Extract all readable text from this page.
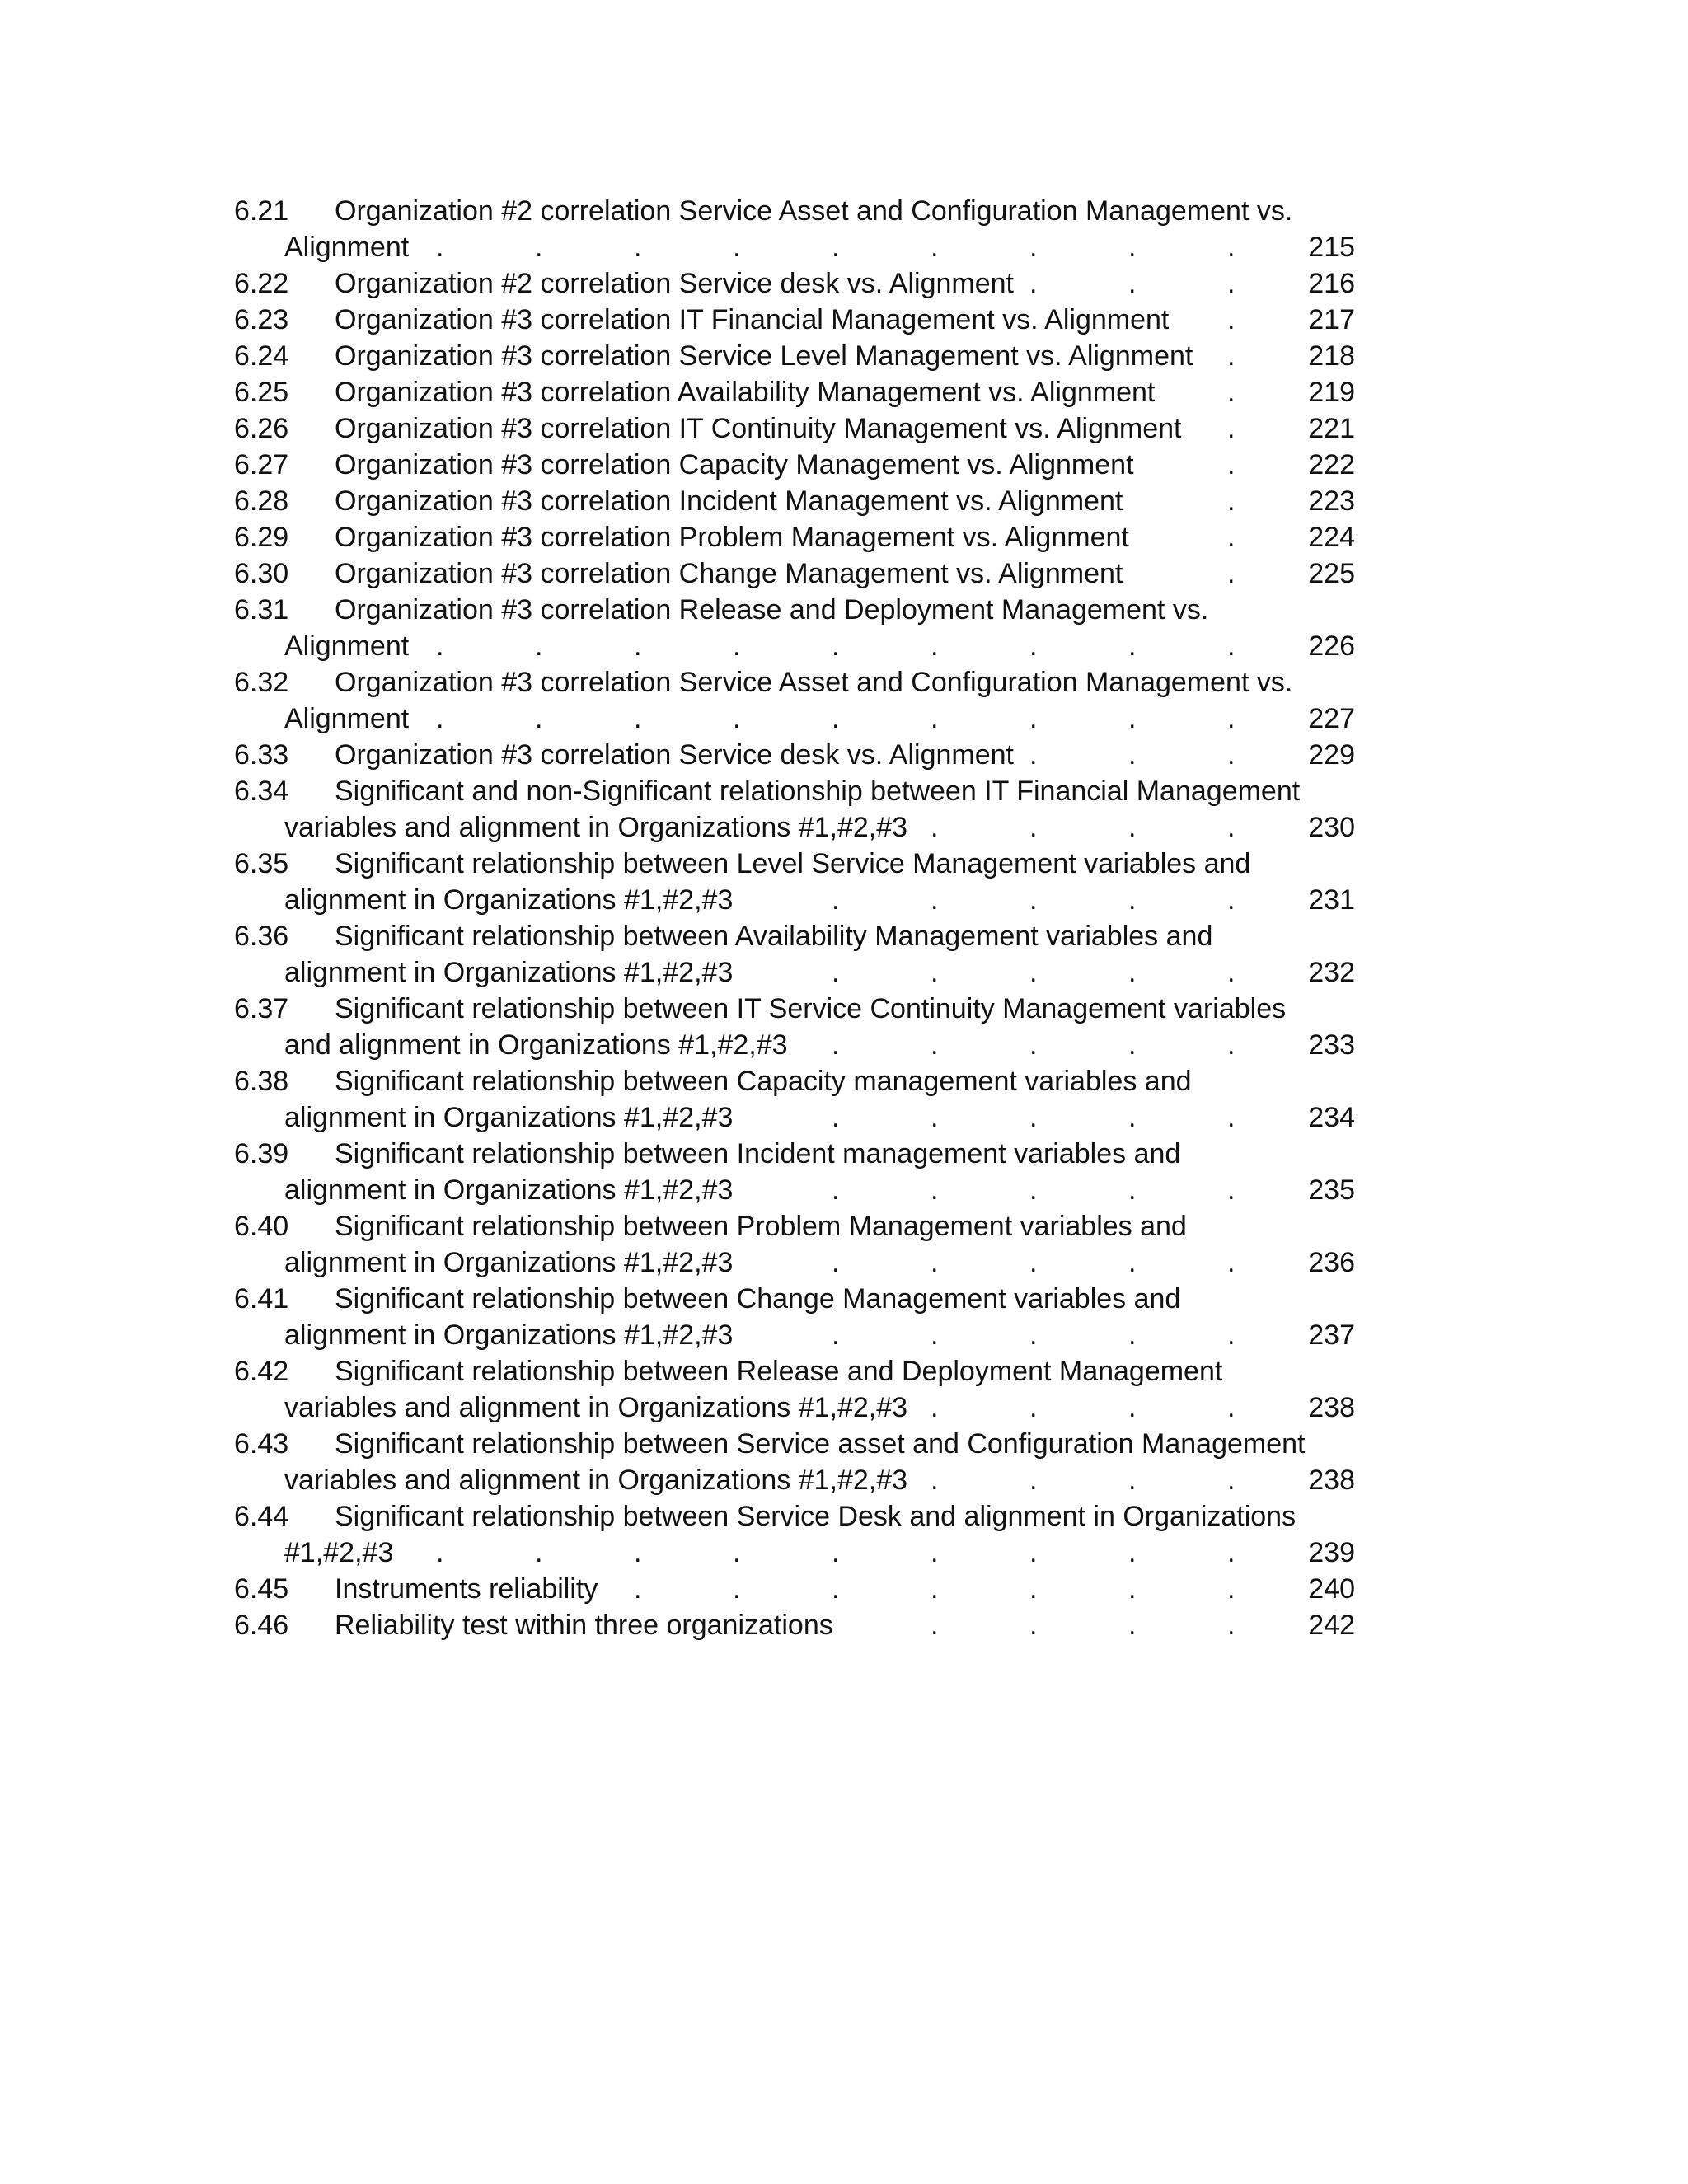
6.21 Organization #2 correlation Service Asset and Configuration Management vs.
Alignment	215
.	.	.	.	.	.	.	.	.
6.22 Organization #2 correlation Service desk vs. Alignment	216
.	.	.
6.23 Organization #3 correlation IT Financial Management vs. Alignment	217
.
6.24 Organization #3 correlation Service Level Management vs. Alignment	218
.
6.25 Organization #3 correlation Availability Management vs. Alignment	219
.
6.26 Organization #3 correlation IT Continuity Management vs. Alignment	221
.
6.27 Organization #3 correlation Capacity Management vs. Alignment	222
.
6.28 Organization #3 correlation Incident Management vs. Alignment	223
.
6.29 Organization #3 correlation Problem Management vs. Alignment	224
.
6.30 Organization #3 correlation Change Management vs. Alignment	225
.
6.31 Organization #3 correlation Release and Deployment Management vs.
Alignment	226
.	.	.	.	.	.	.	.	.
6.32 Organization #3 correlation Service Asset and Configuration Management vs.
Alignment	227
.	.	.	.	.	.	.	.	.
6.33 Organization #3 correlation Service desk vs. Alignment	229
.	.	.
6.34 Significant and non-Significant relationship between IT Financial Management
variables and alignment in Organizations #1,#2,#3	230
.	.	.	.
6.35 Significant relationship between Level Service Management variables and
alignment in Organizations #1,#2,#3	231
.	.	.	.	.
6.36 Significant relationship between Availability Management variables and
alignment in Organizations #1,#2,#3	232
.	.	.	.	.
6.37 Significant relationship between IT Service Continuity Management variables
and alignment in Organizations #1,#2,#3	233
.	.	.	.	.
6.38 Significant relationship between Capacity management variables and
alignment in Organizations #1,#2,#3	234
.	.	.	.	.
6.39 Significant relationship between Incident management variables and
alignment in Organizations #1,#2,#3	235
.	.	.	.	.
6.40 Significant relationship between Problem Management variables and
alignment in Organizations #1,#2,#3	236
.	.	.	.	.
6.41 Significant relationship between Change Management variables and
alignment in Organizations #1,#2,#3	237
.	.	.	.	.
6.42 Significant relationship between Release and Deployment Management
variables and alignment in Organizations #1,#2,#3	238
.	.	.	.
6.43 Significant relationship between Service asset and Configuration Management
variables and alignment in Organizations #1,#2,#3	238
.	.	.	.
6.44 Significant relationship between Service Desk and alignment in Organizations
#1,#2,#3	239
.	.	.	.	.	.	.	.	.
6.45 Instruments reliability	240
.	.	.	.	.	.	.
6.46 Reliability test within three organizations	242
.	.	.	.
